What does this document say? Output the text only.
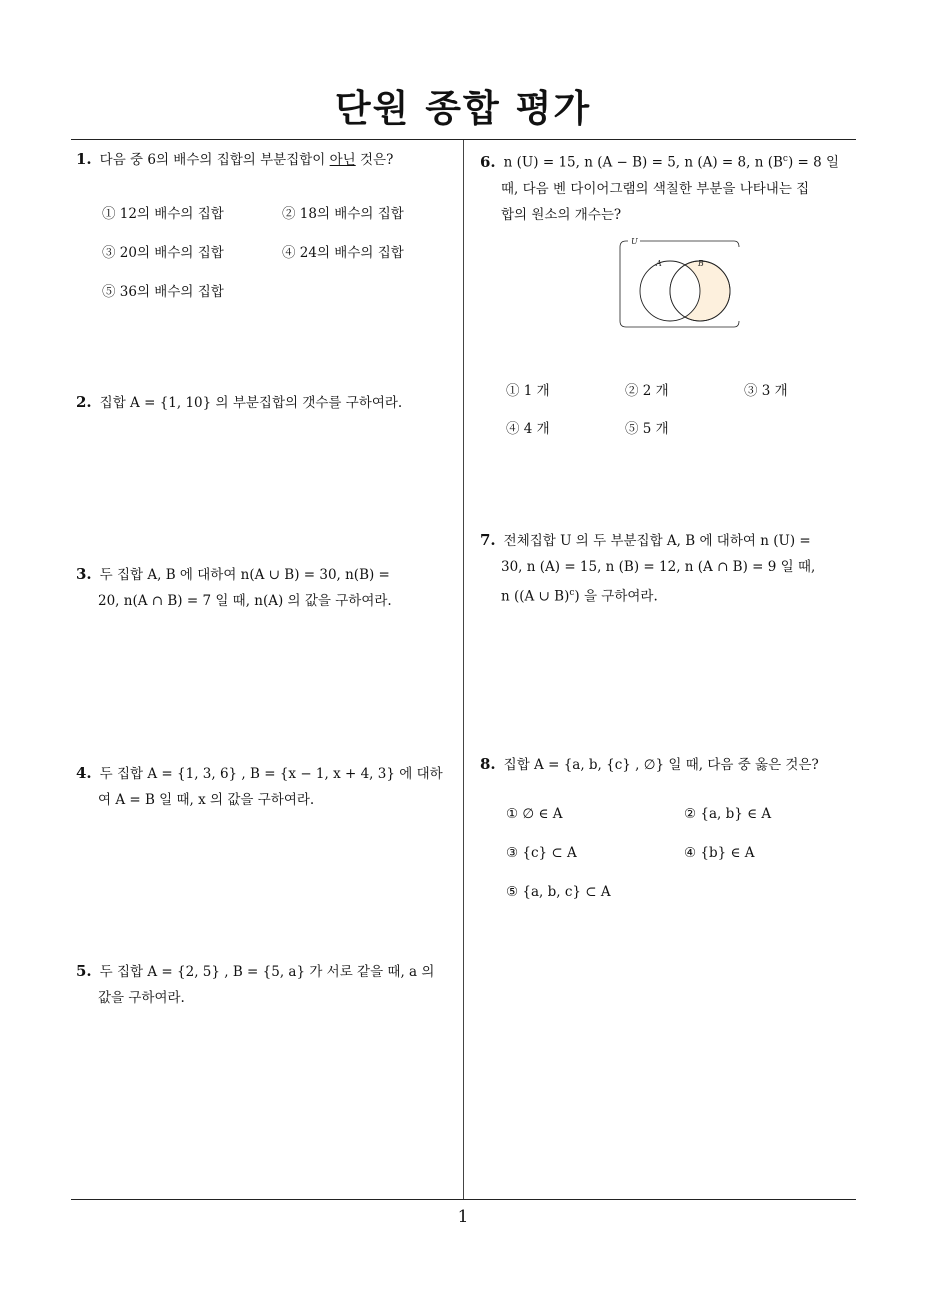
단원 종합 평가
1. 다음 중 6의 배수의 집합의 부분집합이 아닌 것은?
① 12의 배수의 집합	② 18의 배수의 집합
③ 20의 배수의 집합	④ 24의 배수의 집합
⑤ 36의 배수의 집합
2. 집합 A = {1, 10} 의 부분집합의 갯수를 구하여라.
3. 두 집합 A, B 에 대하여 n(A ∪ B) = 30, n(B) =
20, n(A ∩ B) = 7 일 때, n(A) 의 값을 구하여라.
4. 두 집합 A = {1, 3, 6} , B = {x − 1, x + 4, 3} 에 대하
여 A = B 일 때, x 의 값을 구하여라.
5. 두 집합 A = {2, 5} , B = {5, a} 가 서로 같을 때, a 의
값을 구하여라.
6. n (U) = 15, n (A − B) = 5, n (A) = 8, n $(B^c) = 8$ 일
때, 다음 벤 다이어그램의 색칠한 부분을 나타내는 집
합의 원소의 개수는?
U
A	B
① 1 개	② 2 개	③ 3 개
④ 4 개	⑤ 5 개
7. 전체집합 U 의 두 부분집합 A, B 에 대하여 n (U) =
30, n (A) = 15, n (B) = 12, n (A ∩ B) = 9 일 때,
n ((A ∪ B)$^c$) 을 구하여라.
8. 집합 A = {a, b, {c} , ∅} 일 때, 다음 중 옳은 것은?
① ∅ ∈ A	② {a, b} ∈ A
③ {c} ⊂ A	④ {b} ∈ A
⑤ {a, b, c} ⊂ A
1
